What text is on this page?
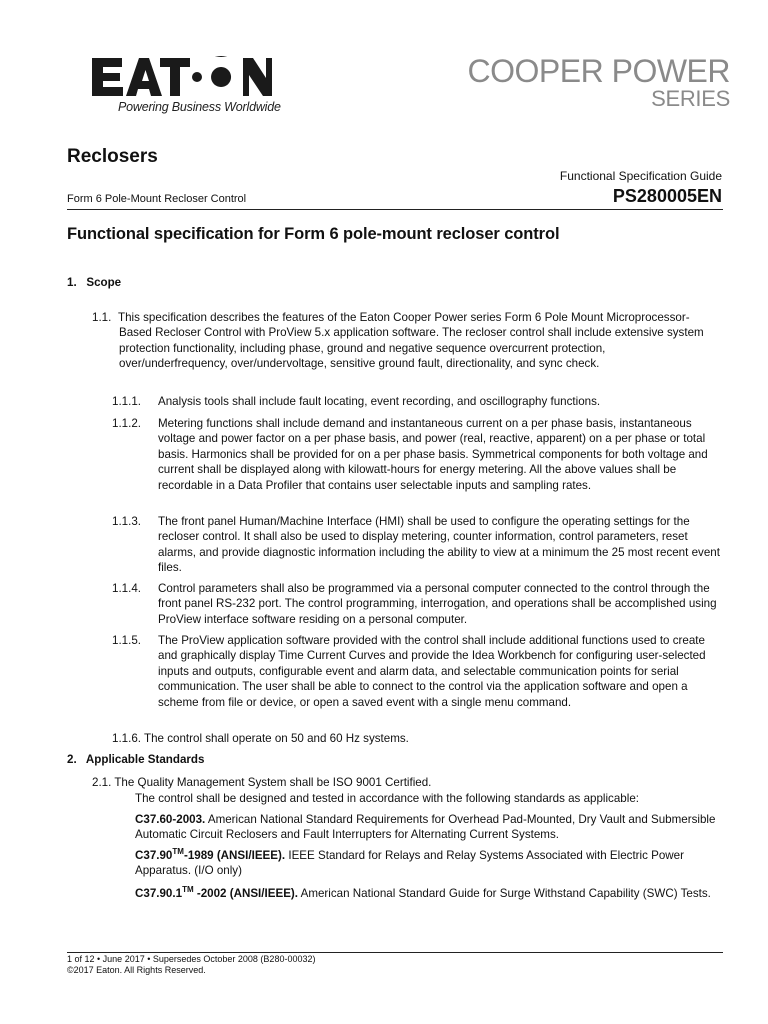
Powering Business Worldwide
COOPER POWER
SERIES
Reclosers
Functional Specification Guide
Form 6 Pole-Mount Recloser Control	PS280005EN
Functional specification for Form 6 pole-mount recloser control
1.   Scope
1.1. This specification describes the features of the Eaton Cooper Power series Form 6 Pole Mount Microprocessor-Based Recloser Control with ProView 5.x application software. The recloser control shall include extensive system protection functionality, including phase, ground and negative sequence overcurrent protection, over/underfrequency, over/undervoltage, sensitive ground fault, directionality, and sync check.
1.1.1. Analysis tools shall include fault locating, event recording, and oscillography functions.
1.1.2. Metering functions shall include demand and instantaneous current on a per phase basis, instantaneous voltage and power factor on a per phase basis, and power (real, reactive, apparent) on a per phase or total basis. Harmonics shall be provided for on a per phase basis. Symmetrical components for both voltage and current shall be displayed along with kilowatt-hours for energy metering. All the above values shall be recordable in a Data Profiler that contains user selectable inputs and sampling rates.
1.1.3. The front panel Human/Machine Interface (HMI) shall be used to configure the operating settings for the recloser control. It shall also be used to display metering, counter information, control parameters, reset alarms, and provide diagnostic information including the ability to view at a minimum the 25 most recent event files.
1.1.4. Control parameters shall also be programmed via a personal computer connected to the control through the front panel RS-232 port. The control programming, interrogation, and operations shall be accomplished using ProView interface software residing on a personal computer.
1.1.5. The ProView application software provided with the control shall include additional functions used to create and graphically display Time Current Curves and provide the Idea Workbench for configuring user-selected inputs and outputs, configurable event and alarm data, and selectable communication points for serial communication. The user shall be able to connect to the control via the application software and open a scheme from file or device, or open a saved event with a single menu command.
1.1.6. The control shall operate on 50 and 60 Hz systems.
2.   Applicable Standards
2.1. The Quality Management System shall be ISO 9001 Certified.
The control shall be designed and tested in accordance with the following standards as applicable:
C37.60-2003. American National Standard Requirements for Overhead Pad-Mounted, Dry Vault and Submersible Automatic Circuit Reclosers and Fault Interrupters for Alternating Current Systems.
C37.90™-1989 (ANSI/IEEE). IEEE Standard for Relays and Relay Systems Associated with Electric Power Apparatus. (I/O only)
C37.90.1™ -2002 (ANSI/IEEE). American National Standard Guide for Surge Withstand Capability (SWC) Tests.
1 of 12 • June 2017 • Supersedes October 2008 (B280-00032)
©2017 Eaton. All Rights Reserved.
